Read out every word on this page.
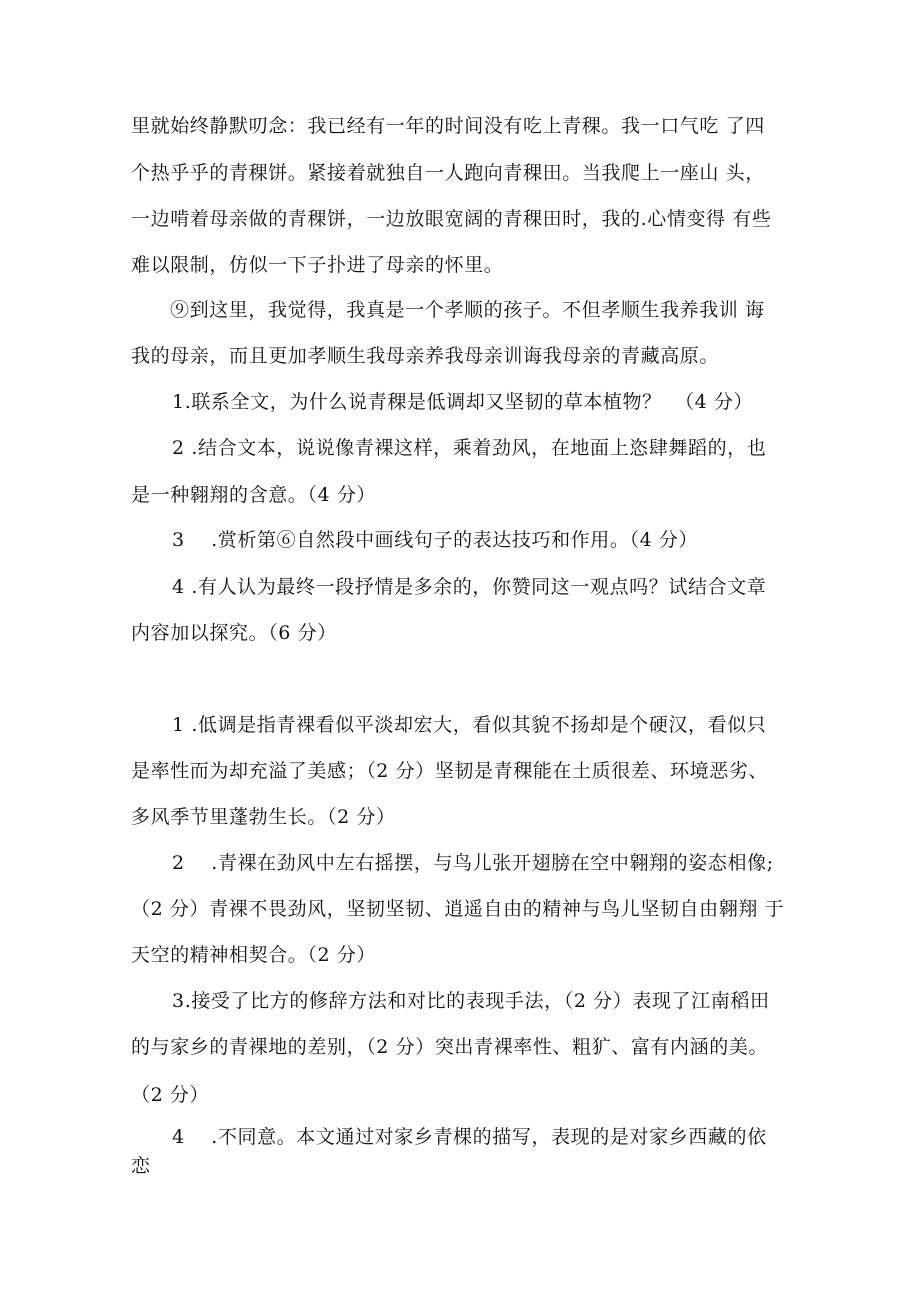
里就始终静默叨念：我已经有一年的时间没有吃上青稞。我一口气吃 了四
个热乎乎的青稞饼。紧接着就独自一人跑向青稞田。当我爬上一座山 头，
一边啃着母亲做的青稞饼，一边放眼宽阔的青稞田时，我的.心情变得 有些
难以限制，仿似一下子扑进了母亲的怀里。
⑨到这里，我觉得，我真是一个孝顺的孩子。不但孝顺生我养我训 诲
我的母亲，而且更加孝顺生我母亲养我母亲训诲我母亲的青藏高原。
1.联系全文，为什么说青稞是低调却又坚韧的草本植物？  （4 分）
2 .结合文本，说说像青裸这样，乘着劲风，在地面上恣肆舞蹈的，也
是一种翱翔的含意。（4 分）
3    .赏析第⑥自然段中画线句子的表达技巧和作用。（4 分）
4 .有人认为最终一段抒情是多余的，你赞同这一观点吗？试结合文章
内容加以探究。（6 分）
1 .低调是指青裸看似平淡却宏大，看似其貌不扬却是个硬汉，看似只
是率性而为却充溢了美感；（2 分）坚韧是青稞能在土质很差、环境恶劣、
多风季节里蓬勃生长。（2 分）
2    .青裸在劲风中左右摇摆，与鸟儿张开翅膀在空中翱翔的姿态相像;
（2 分）青裸不畏劲风，坚韧坚韧、逍遥自由的精神与鸟儿坚韧自由翱翔 于
天空的精神相契合。（2 分）
3.接受了比方的修辞方法和对比的表现手法，（2 分）表现了江南稻田
的与家乡的青裸地的差别，（2 分）突出青裸率性、粗犷、富有内涵的美。
（2 分）
4    .不同意。本文通过对家乡青棵的描写，表现的是对家乡西藏的依
恋
